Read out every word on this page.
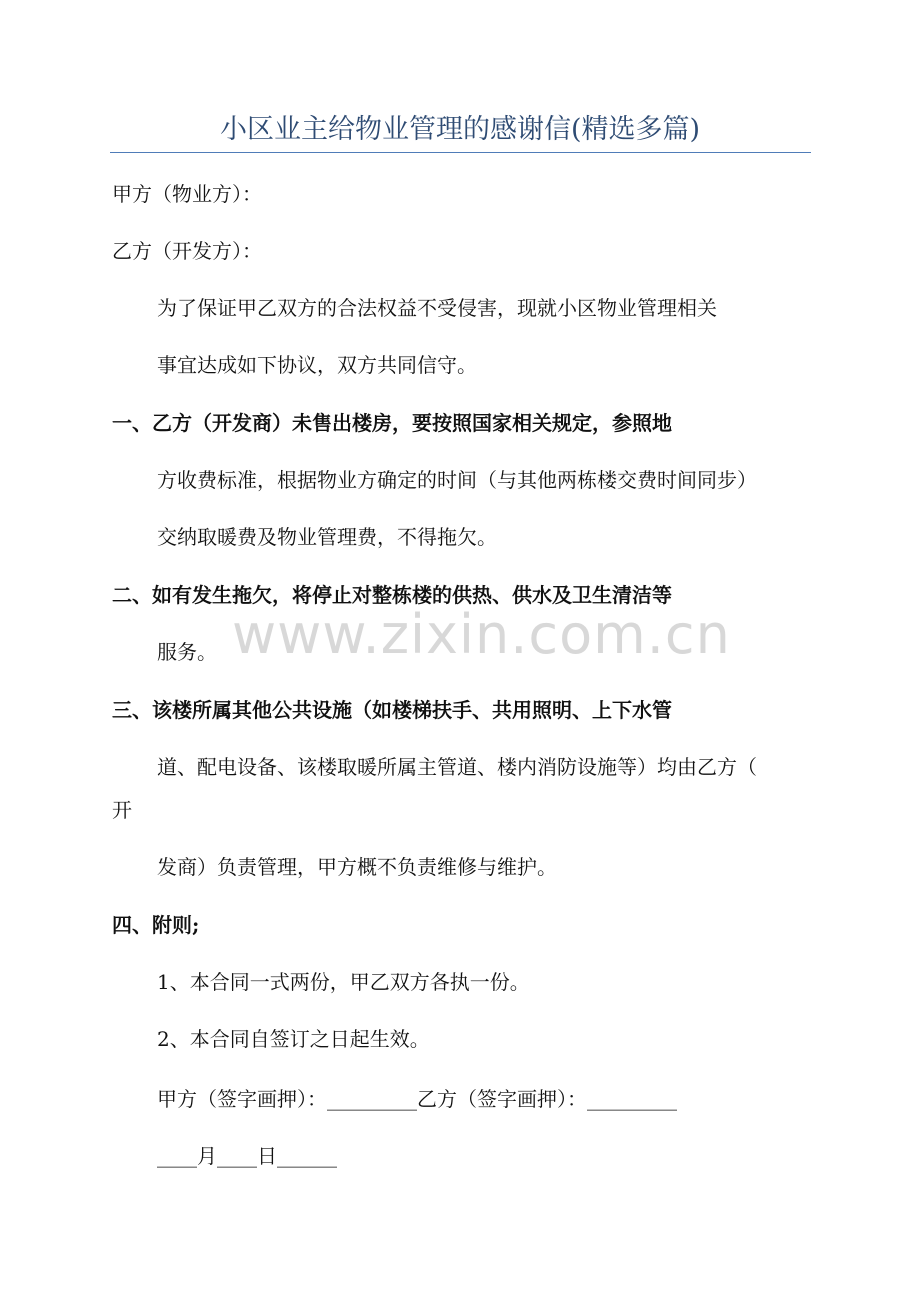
小区业主给物业管理的感谢信(精选多篇)
www.zixin.com.cn
甲方（物业方）：
乙方（开发方）：
为了保证甲乙双方的合法权益不受侵害，现就小区物业管理相关
事宜达成如下协议，双方共同信守。
一、乙方（开发商）未售出楼房，要按照国家相关规定，参照地
方收费标准，根据物业方确定的时间（与其他两栋楼交费时间同步）
交纳取暖费及物业管理费，不得拖欠。
二、如有发生拖欠，将停止对整栋楼的供热、供水及卫生清洁等
服务。
三、该楼所属其他公共设施（如楼梯扶手、共用照明、上下水管
道、配电设备、该楼取暖所属主管道、楼内消防设施等）均由乙方（
开
发商）负责管理，甲方概不负责维修与维护。
四、附则;
1、本合同一式两份，甲乙双方各执一份。
2、本合同自签订之日起生效。
甲方（签字画押）：_________乙方（签字画押）：_________
____月____日______
